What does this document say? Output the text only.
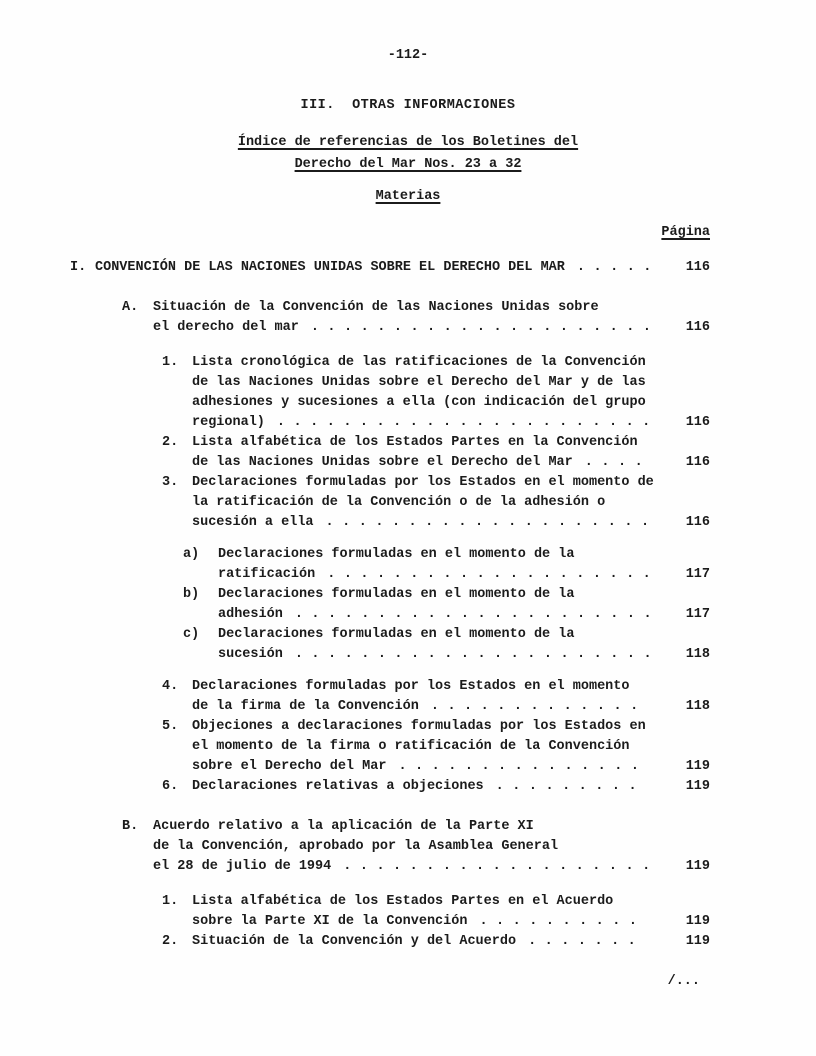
-112-
III.  OTRAS INFORMACIONES
Índice de referencias de los Boletines del
Derecho del Mar Nos. 23 a 32
Materias
Página
I. CONVENCIÓN DE LAS NACIONES UNIDAS SOBRE EL DERECHO DEL MAR . . . . .	116
A.	Situación de la Convención de las Naciones Unidas sobre
el derecho del mar . . . . . . . . . . . . . . . . . . . . .	116
1.	Lista cronológica de las ratificaciones de la Convención
de las Naciones Unidas sobre el Derecho del Mar y de las
adhesiones y sucesiones a ella (con indicación del grupo
regional) . . . . . . . . . . . . . . . . . . . . . . .	116
2.	Lista alfabética de los Estados Partes en la Convención
de las Naciones Unidas sobre el Derecho del Mar . . . .	116
3.	Declaraciones formuladas por los Estados en el momento de
la ratificación de la Convención o de la adhesión o
sucesión a ella . . . . . . . . . . . . . . . . . . . .	116
a)	Declaraciones formuladas en el momento de la
ratificación . . . . . . . . . . . . . . . . . . . .	117
b)	Declaraciones formuladas en el momento de la
adhesión . . . . . . . . . . . . . . . . . . . . . .	117
c)	Declaraciones formuladas en el momento de la
sucesión . . . . . . . . . . . . . . . . . . . . . .	118
4.	Declaraciones formuladas por los Estados en el momento
de la firma de la Convención . . . . . . . . . . . . .	118
5.	Objeciones a declaraciones formuladas por los Estados en
el momento de la firma o ratificación de la Convención
sobre el Derecho del Mar . . . . . . . . . . . . . . .	119
6.	Declaraciones relativas a objeciones . . . . . . . . .	119
B.	Acuerdo relativo a la aplicación de la Parte XI
de la Convención, aprobado por la Asamblea General
el 28 de julio de 1994 . . . . . . . . . . . . . . . . . . .	119
1.	Lista alfabética de los Estados Partes en el Acuerdo
sobre la Parte XI de la Convención . . . . . . . . . .	119
2.	Situación de la Convención y del Acuerdo . . . . . . .	119
/...
